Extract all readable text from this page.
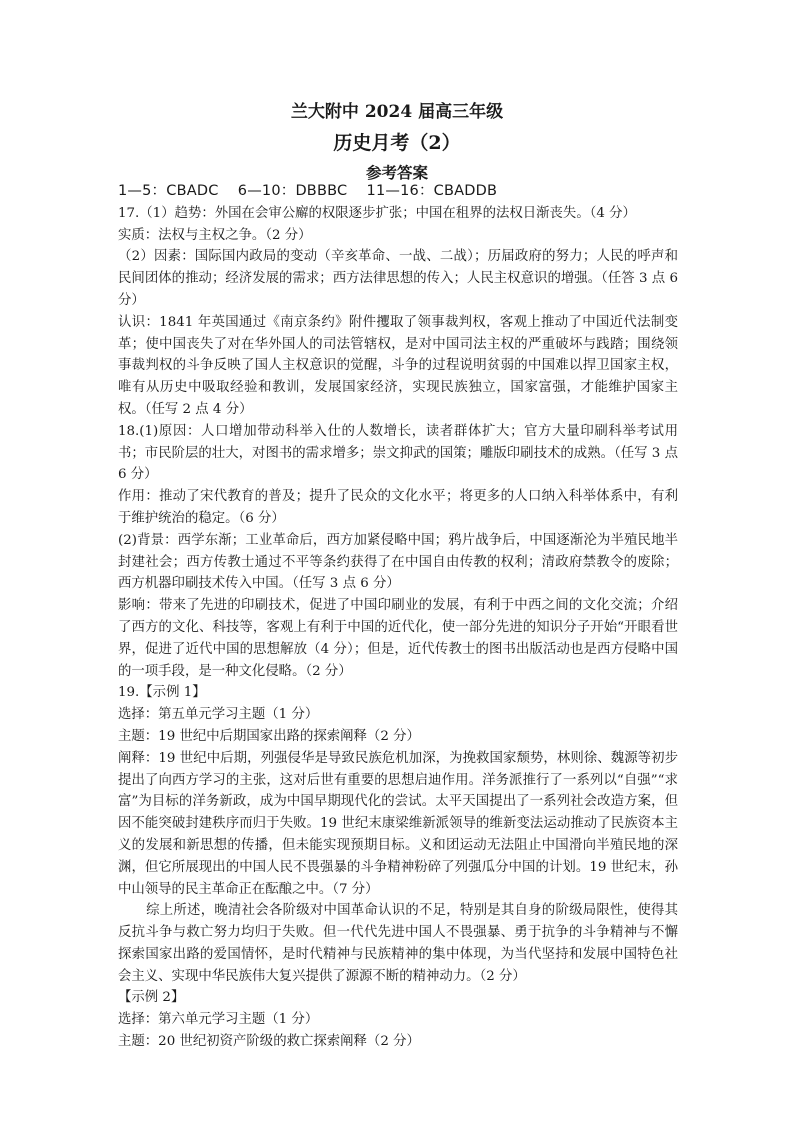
兰大附中 2024 届高三年级
历史月考（2）
参考答案

1—5：CBADC    6—10：DBBBC    11—16：CBADDB

17.（1）趋势：外国在会审公廨的权限逐步扩张；中国在租界的法权日渐丧失。（4 分）

实质：法权与主权之争。（2 分）

（2）因素：国际国内政局的变动（辛亥革命、一战、二战）；历届政府的努力；人民的呼声和民间团体的推动；经济发展的需求；西方法律思想的传入；人民主权意识的增强。（任答 3 点 6 分）

认识：1841 年英国通过《南京条约》附件攫取了领事裁判权，客观上推动了中国近代法制变革；使中国丧失了对在华外国人的司法管辖权，是对中国司法主权的严重破坏与践踏；围绕领事裁判权的斗争反映了国人主权意识的觉醒，斗争的过程说明贫弱的中国难以捍卫国家主权，唯有从历史中吸取经验和教训，发展国家经济，实现民族独立，国家富强，才能维护国家主权。（任写 2 点 4 分）

18.(1)原因：人口增加带动科举入仕的人数增长，读者群体扩大；官方大量印刷科举考试用书；市民阶层的壮大，对图书的需求增多；崇文抑武的国策；雕版印刷技术的成熟。（任写 3 点 6 分）

作用：推动了宋代教育的普及；提升了民众的文化水平；将更多的人口纳入科举体系中，有利于维护统治的稳定。（6 分）

(2)背景：西学东渐；工业革命后，西方加紧侵略中国；鸦片战争后，中国逐渐沦为半殖民地半封建社会；西方传教士通过不平等条约获得了在中国自由传教的权利；清政府禁教令的废除；西方机器印刷技术传入中国。（任写 3 点 6 分）

影响：带来了先进的印刷技术，促进了中国印刷业的发展，有利于中西之间的文化交流；介绍了西方的文化、科技等，客观上有利于中国的近代化，使一部分先进的知识分子开始“开眼看世界，促进了近代中国的思想解放（4 分）；但是，近代传教士的图书出版活动也是西方侵略中国的一项手段，是一种文化侵略。（2 分）

19.【示例 1】

选择：第五单元学习主题（1 分）

主题：19 世纪中后期国家出路的探索阐释（2 分）

阐释：19 世纪中后期，列强侵华是导致民族危机加深，为挽救国家颓势，林则徐、魏源等初步提出了向西方学习的主张，这对后世有重要的思想启迪作用。洋务派推行了一系列以“自强”“求富”为目标的洋务新政，成为中国早期现代化的尝试。太平天国提出了一系列社会改造方案，但因不能突破封建秩序而归于失败。19 世纪末康梁维新派领导的维新变法运动推动了民族资本主义的发展和新思想的传播，但未能实现预期目标。义和团运动无法阻止中国滑向半殖民地的深渊，但它所展现出的中国人民不畏强暴的斗争精神粉碎了列强瓜分中国的计划。19 世纪末，孙中山领导的民主革命正在酝酿之中。（7 分）

综上所述，晚清社会各阶级对中国革命认识的不足，特别是其自身的阶级局限性，使得其反抗斗争与救亡努力均归于失败。但一代代先进中国人不畏强暴、勇于抗争的斗争精神与不懈探索国家出路的爱国情怀，是时代精神与民族精神的集中体现，为当代坚持和发展中国特色社会主义、实现中华民族伟大复兴提供了源源不断的精神动力。（2 分）

【示例 2】

选择：第六单元学习主题（1 分）

主题：20 世纪初资产阶级的救亡探索阐释（2 分）
